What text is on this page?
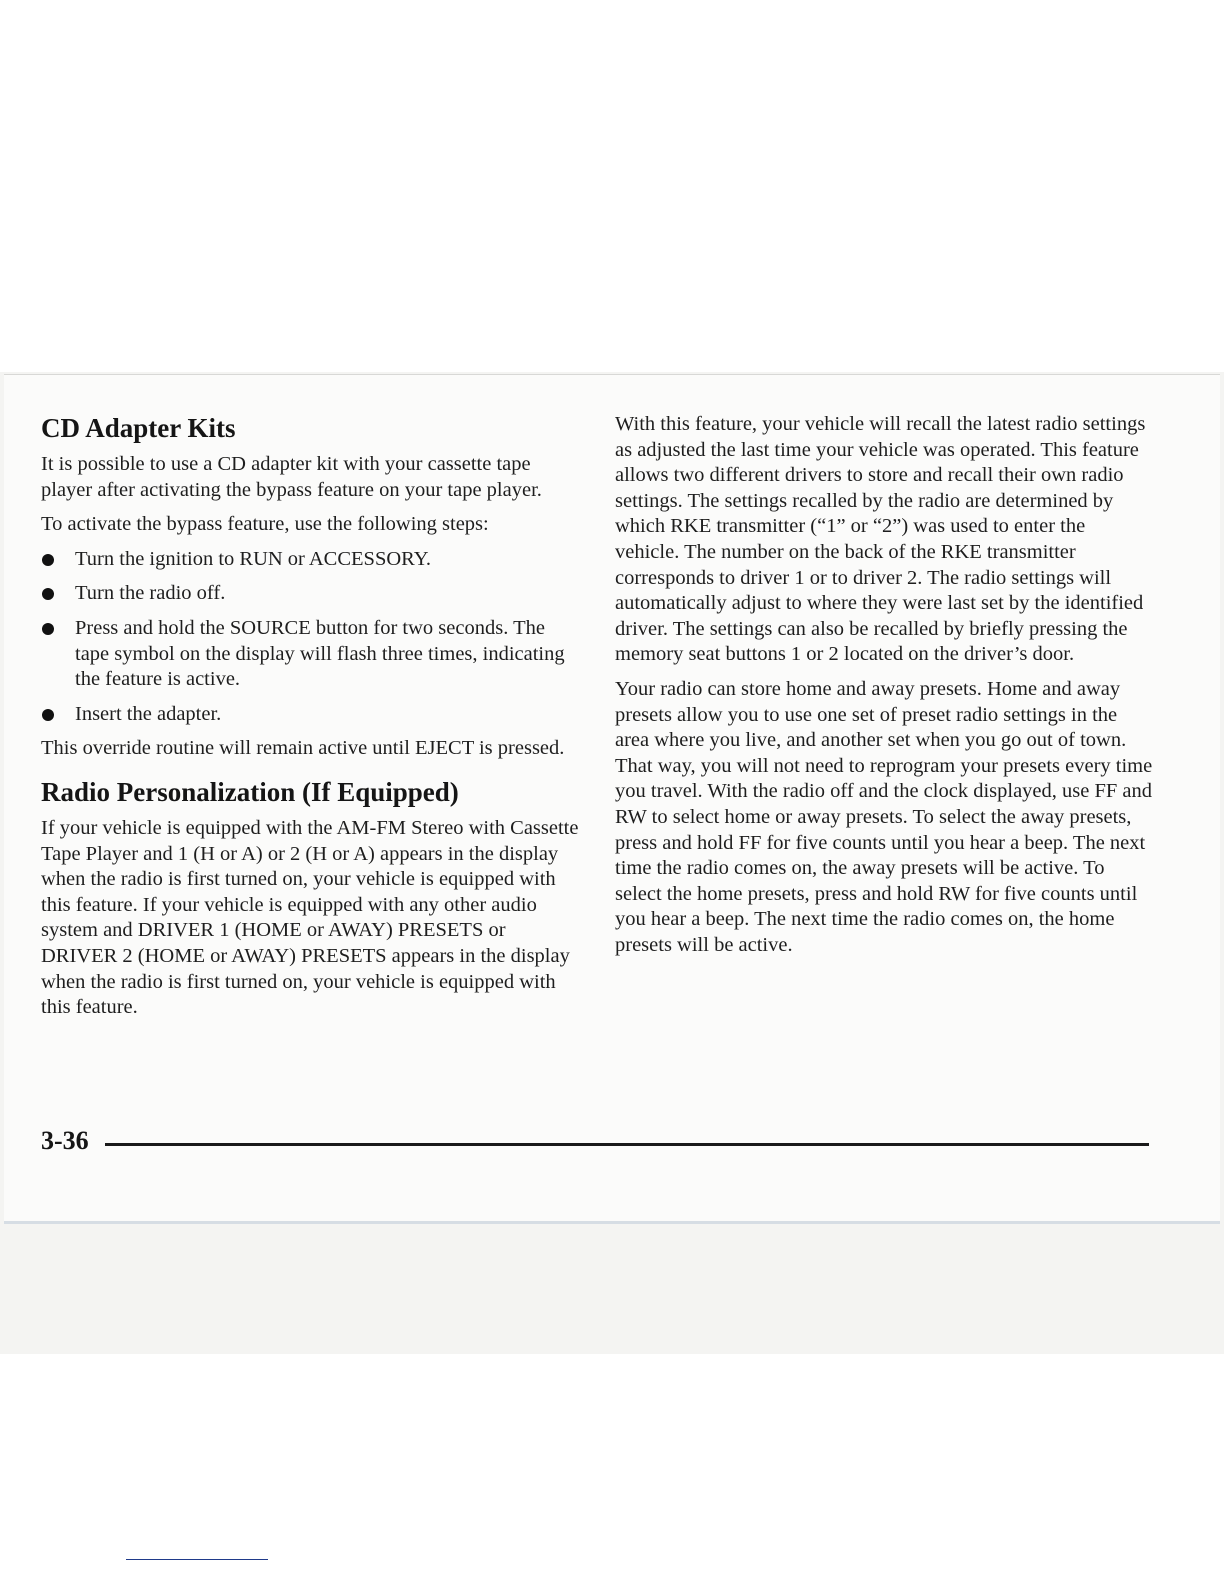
CD Adapter Kits

It is possible to use a CD adapter kit with your cassette tape player after activating the bypass feature on your tape player.

To activate the bypass feature, use the following steps:

Turn the ignition to RUN or ACCESSORY.
Turn the radio off.
Press and hold the SOURCE button for two seconds. The tape symbol on the display will flash three times, indicating the feature is active.
Insert the adapter.

This override routine will remain active until EJECT is pressed.

Radio Personalization (If Equipped)

If your vehicle is equipped with the AM-FM Stereo with Cassette Tape Player and 1 (H or A) or 2 (H or A) appears in the display when the radio is first turned on, your vehicle is equipped with this feature. If your vehicle is equipped with any other audio system and DRIVER 1 (HOME or AWAY) PRESETS or DRIVER 2 (HOME or AWAY) PRESETS appears in the display when the radio is first turned on, your vehicle is equipped with this feature.

With this feature, your vehicle will recall the latest radio settings as adjusted the last time your vehicle was operated. This feature allows two different drivers to store and recall their own radio settings. The settings recalled by the radio are determined by which RKE transmitter (“1” or “2”) was used to enter the vehicle. The number on the back of the RKE transmitter corresponds to driver 1 or to driver 2. The radio settings will automatically adjust to where they were last set by the identified driver. The settings can also be recalled by briefly pressing the memory seat buttons 1 or 2 located on the driver’s door.

Your radio can store home and away presets. Home and away presets allow you to use one set of preset radio settings in the area where you live, and another set when you go out of town. That way, you will not need to reprogram your presets every time you travel. With the radio off and the clock displayed, use FF and RW to select home or away presets. To select the away presets, press and hold FF for five counts until you hear a beep. The next time the radio comes on, the away presets will be active. To select the home presets, press and hold RW for five counts until you hear a beep. The next time the radio comes on, the home presets will be active.

3-36
